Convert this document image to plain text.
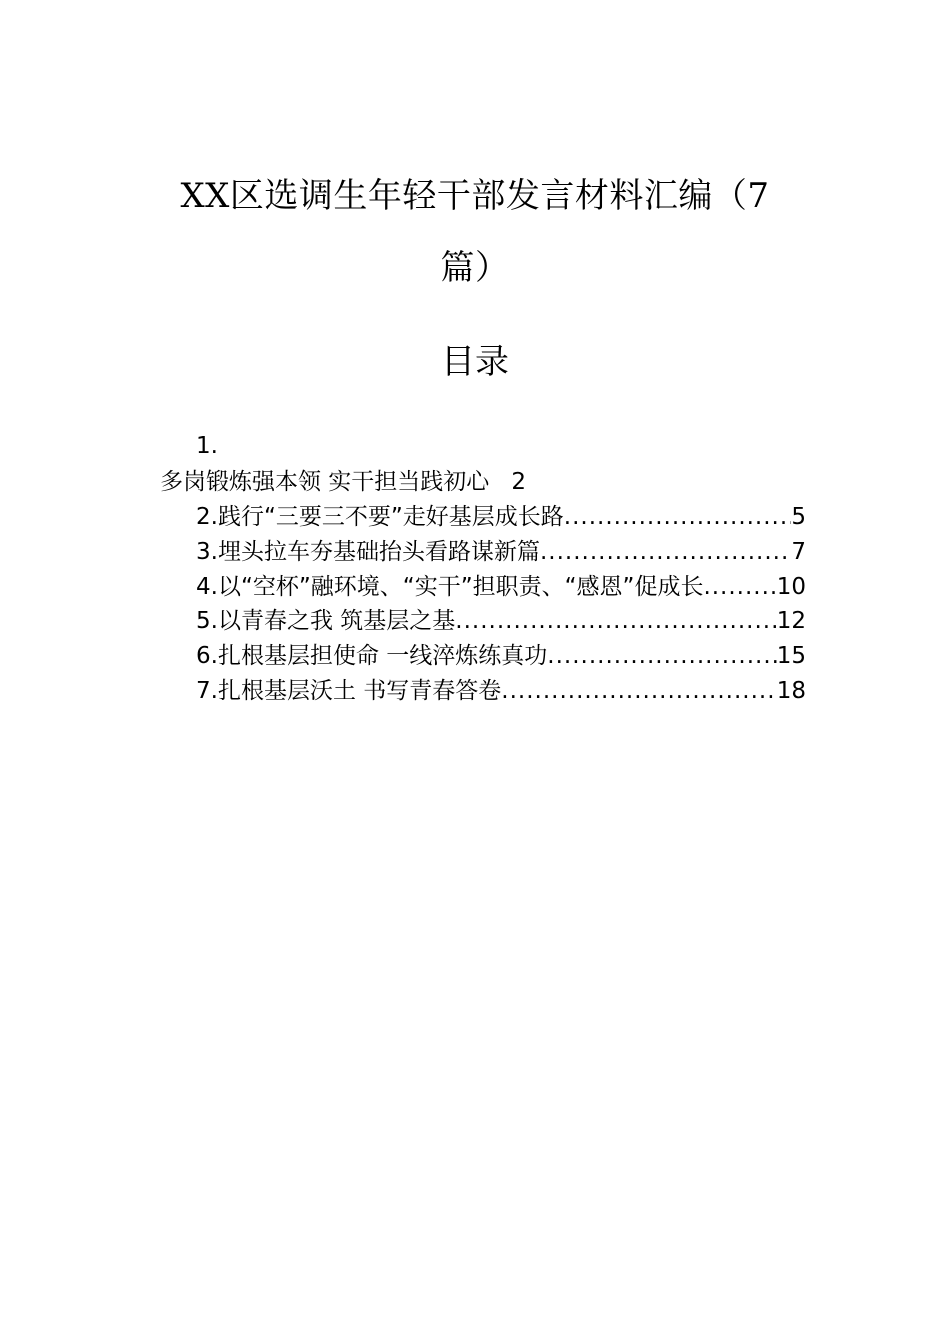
XX区选调生年轻干部发言材料汇编（7
篇）
目录
1.
多岗锻炼强本领 实干担当践初心 2
2.践行“三要三不要”走好基层成长路 .....	5
3.埋头拉车夯基础抬头看路谋新篇 .....	7
4.以“空杯”融环境、“实干”担职责、“感恩”促成长 .....	10
5.以青春之我 筑基层之基 .....	12
6.扎根基层担使命 一线淬炼练真功 .....	15
7.扎根基层沃土 书写青春答卷 .....	18
